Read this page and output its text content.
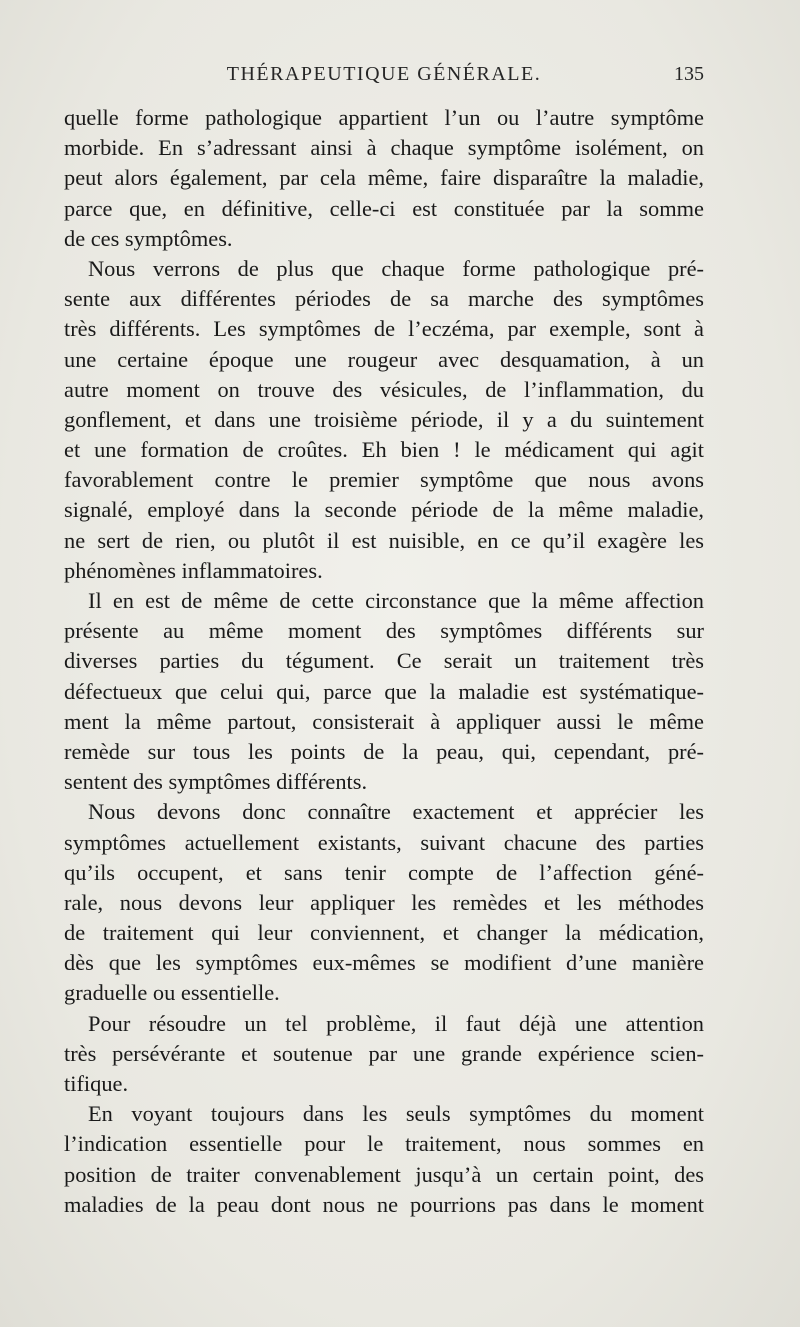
THÉRAPEUTIQUE GÉNÉRALE.	135
quelle forme pathologique appartient l’un ou l’autre symptôme
morbide. En s’adressant ainsi à chaque symptôme isolément, on
peut alors également, par cela même, faire disparaître la maladie,
parce que, en définitive, celle-ci est constituée par la somme
de ces symptômes.
Nous verrons de plus que chaque forme pathologique pré-
sente aux différentes périodes de sa marche des symptômes
très différents. Les symptômes de l’eczéma, par exemple, sont à
une certaine époque une rougeur avec desquamation, à un
autre moment on trouve des vésicules, de l’inflammation, du
gonflement, et dans une troisième période, il y a du suintement
et une formation de croûtes. Eh bien ! le médicament qui agit
favorablement contre le premier symptôme que nous avons
signalé, employé dans la seconde période de la même maladie,
ne sert de rien, ou plutôt il est nuisible, en ce qu’il exagère les
phénomènes inflammatoires.
Il en est de même de cette circonstance que la même affection
présente au même moment des symptômes différents sur
diverses parties du tégument. Ce serait un traitement très
défectueux que celui qui, parce que la maladie est systématique-
ment la même partout, consisterait à appliquer aussi le même
remède sur tous les points de la peau, qui, cependant, pré-
sentent des symptômes différents.
Nous devons donc connaître exactement et apprécier les
symptômes actuellement existants, suivant chacune des parties
qu’ils occupent, et sans tenir compte de l’affection géné-
rale, nous devons leur appliquer les remèdes et les méthodes
de traitement qui leur conviennent, et changer la médication,
dès que les symptômes eux-mêmes se modifient d’une manière
graduelle ou essentielle.
Pour résoudre un tel problème, il faut déjà une attention
très persévérante et soutenue par une grande expérience scien-
tifique.
En voyant toujours dans les seuls symptômes du moment
l’indication essentielle pour le traitement, nous sommes en
position de traiter convenablement jusqu’à un certain point, des
maladies de la peau dont nous ne pourrions pas dans le moment
